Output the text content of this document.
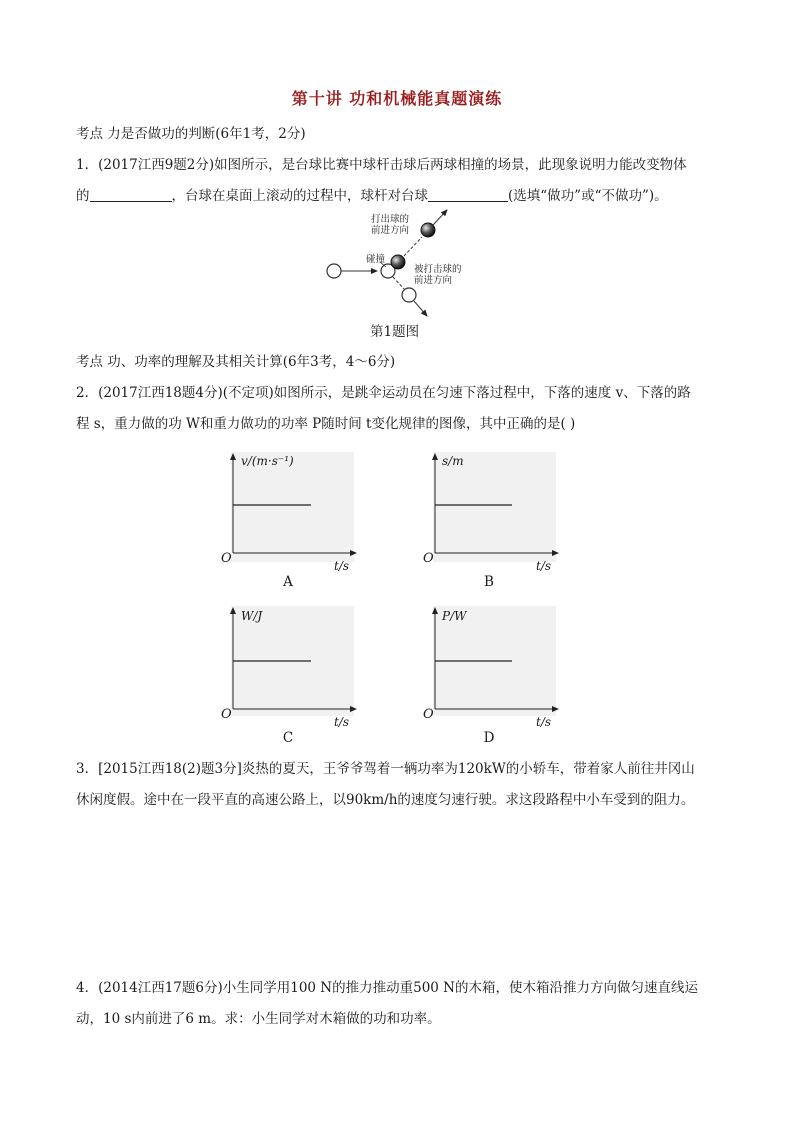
第十讲 功和机械能真题演练
考点 力是否做功的判断(6年1考，2分)
1．(2017江西9题2分)如图所示，是台球比赛中球杆击球后两球相撞的场景，此现象说明力能改变物体
的	，台球在桌面上滚动的过程中，球杆对台球	(选填“做功”或“不做功”)。
打出球的
前进方向
碰撞
被打击球的
前进方向
第1题图
考点 功、功率的理解及其相关计算(6年3考，4～6分)
2．(2017江西18题4分)(不定项)如图所示，是跳伞运动员在匀速下落过程中，下落的速度 v、下落的路
程 s，重力做的功 W和重力做功的功率 P随时间 t变化规律的图像，其中正确的是( )
v/(m·s⁻¹)
O	t/s
A
s/m
O	t/s
B
W/J
O	t/s
C
P/W
O	t/s
D
3．[2015江西18(2)题3分]炎热的夏天，王爷爷驾着一辆功率为120kW的小轿车，带着家人前往井冈山
休闲度假。途中在一段平直的高速公路上，以90km/h的速度匀速行驶。求这段路程中小车受到的阻力。
4．(2014江西17题6分)小生同学用100 N的推力推动重500 N的木箱，使木箱沿推力方向做匀速直线运
动，10 s内前进了6 m。求：小生同学对木箱做的功和功率。
